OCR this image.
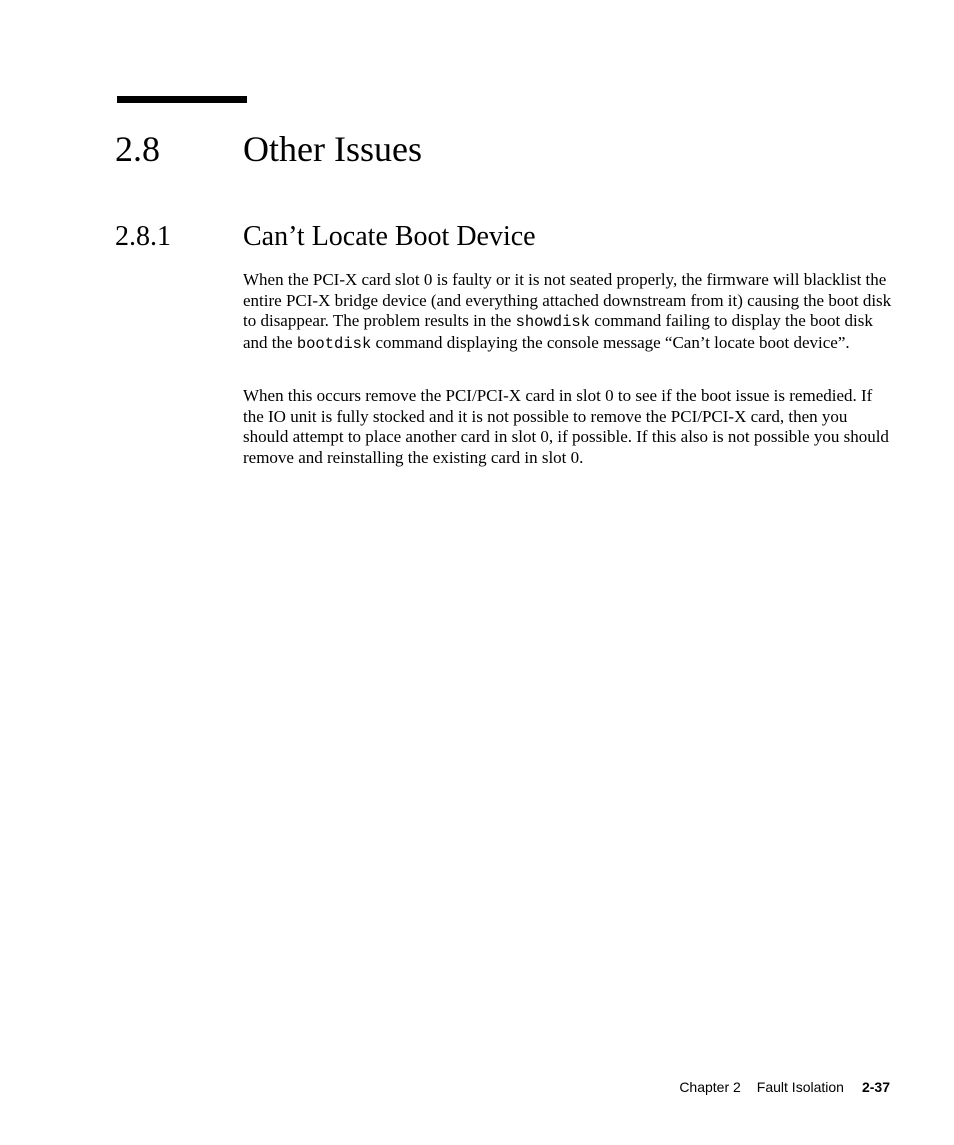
2.8 Other Issues
2.8.1	Can’t Locate Boot Device

When the PCI-X card slot 0 is faulty or it is not seated properly, the firmware will blacklist the entire PCI-X bridge device (and everything attached downstream from it) causing the boot disk to disappear. The problem results in the showdisk command failing to display the boot disk and the bootdisk command displaying the console message “Can’t locate boot device”.

When this occurs remove the PCI/PCI-X card in slot 0 to see if the boot issue is remedied. If the IO unit is fully stocked and it is not possible to remove the PCI/PCI-X card, then you should attempt to place another card in slot 0, if possible. If this also is not possible you should remove and reinstalling the existing card in slot 0.

Chapter 2 Fault Isolation 2-37
